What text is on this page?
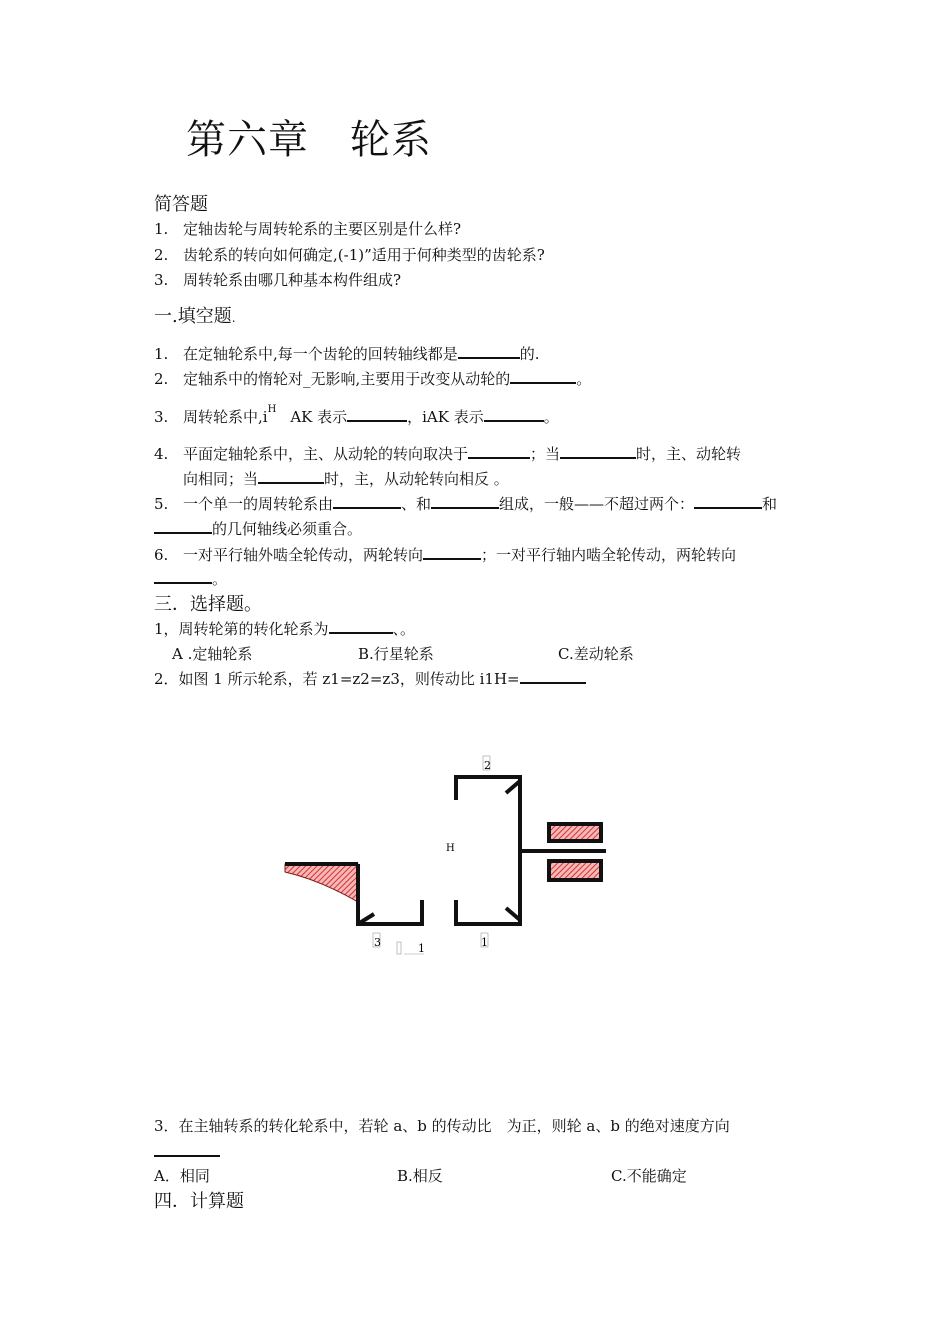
第六章　轮系
简答题
1. 定轴齿轮与周转轮系的主要区别是什么样?
2. 齿轮系的转向如何确定,(-1)”适用于何种类型的齿轮系?
3. 周转轮系由哪几种基本构件组成?
一.填空题.
1. 在定轴轮系中,每一个齿轮的回转轴线都是	的.
2. 定轴系中的惰轮对_无影响,主要用于改变从动轮的	。
3. 周转轮系中$,i^H$ AK 表示	，iAK 表示	。
4. 平面定轴轮系中，主、从动轮的转向取决于	；当	时，主、动轮转
向相同；当	时，主，从动轮转向相反 。
5. 一个单一的周转轮系由	、和	组成，一般——不超过两个：	和
的几何轴线必须重合。
6. 一对平行轴外啮全轮传动，两轮转向	；一对平行轴内啮全轮传动，两轮转向
。
三．选择题。
1，周转轮第的转化轮系为	、。
A .定轴轮系	B.行星轮系	C.差动轮系
2．如图 1 所示轮系，若 z1=z2=z3，则传动比 i1H=
2
H
3	1	1
3．在主轴转系的转化轮系中，若轮 a、b 的传动比　为正，则轮 a、b 的绝对速度方向
A．相同	B.相反	C.不能确定
四．计算题
